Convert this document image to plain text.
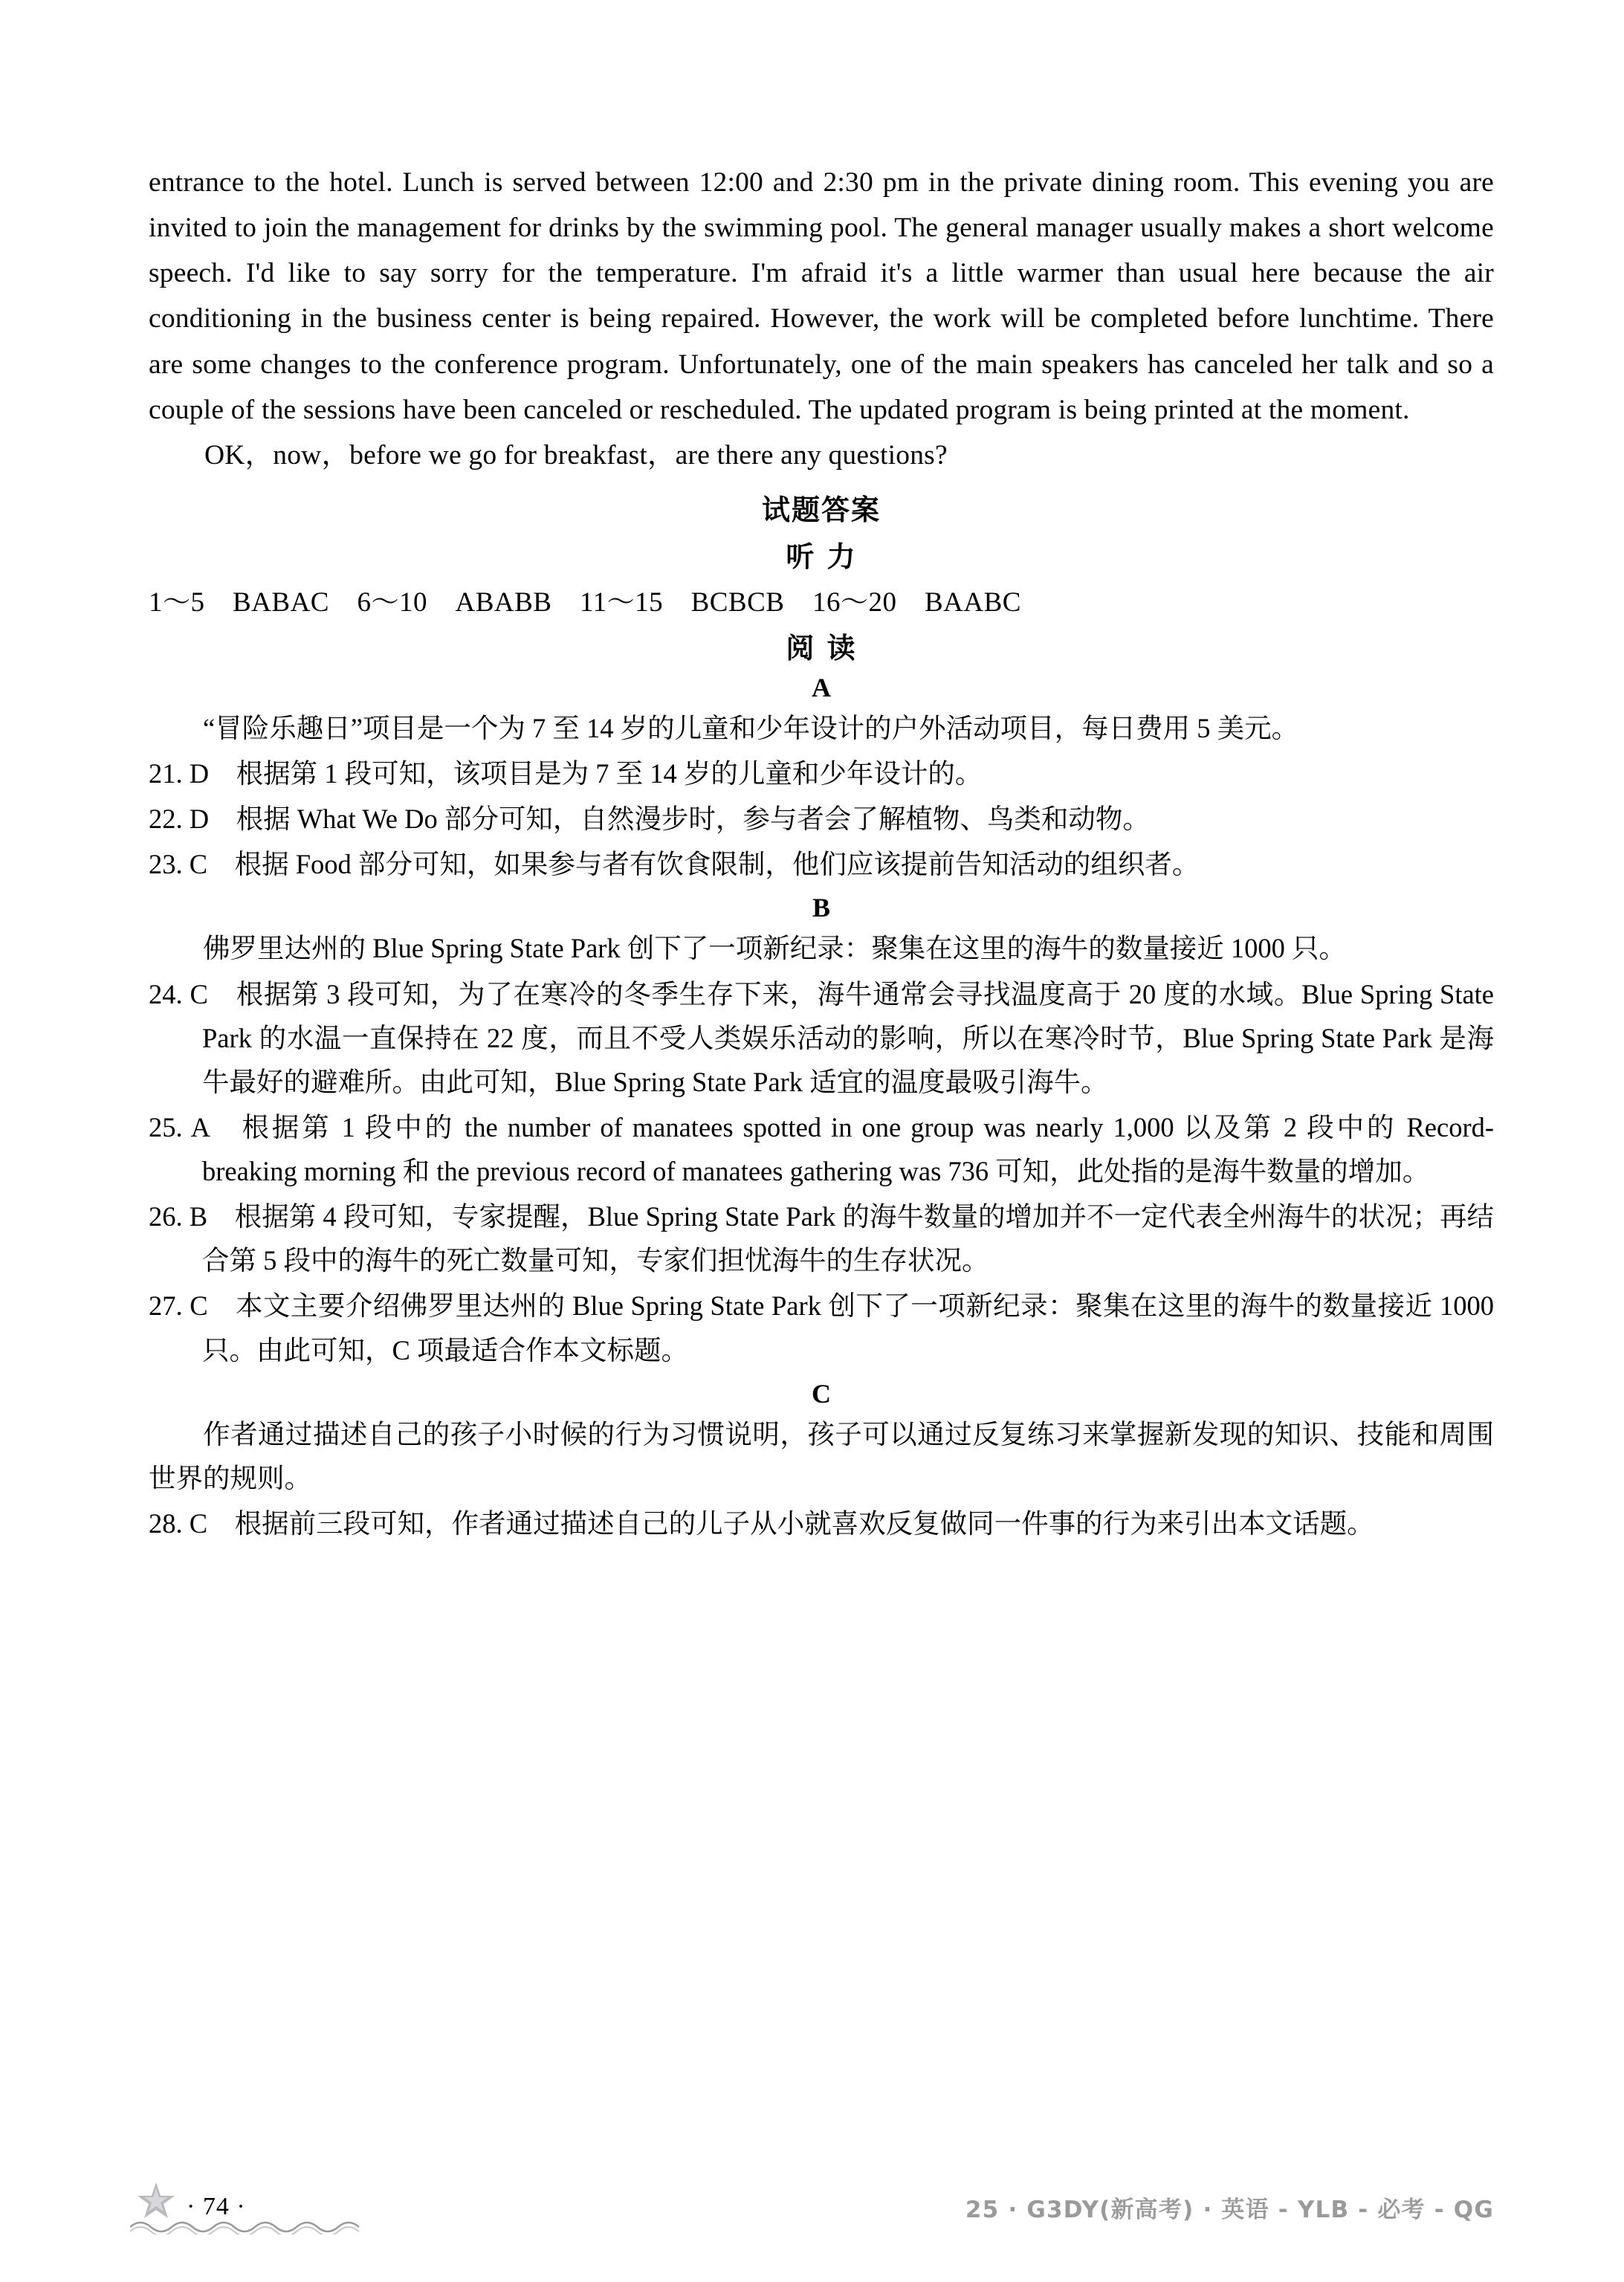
entrance to the hotel. Lunch is served between 12:00 and 2:30 pm in the private dining room. This evening you are invited to join the management for drinks by the swimming pool. The general manager usually makes a short welcome speech. I'd like to say sorry for the temperature. I'm afraid it's a little warmer than usual here because the air conditioning in the business center is being repaired. However, the work will be completed before lunchtime. There are some changes to the conference program. Unfortunately, one of the main speakers has canceled her talk and so a couple of the sessions have been canceled or rescheduled. The updated program is being printed at the moment.

OK，now，before we go for breakfast，are there any questions?

试题答案
听 力
1～5　BABAC　6～10　ABABB　11～15　BCBCB　16～20　BAABC
阅 读
A

“冒险乐趣日”项目是一个为 7 至 14 岁的儿童和少年设计的户外活动项目，每日费用 5 美元。

21. D　根据第 1 段可知，该项目是为 7 至 14 岁的儿童和少年设计的。

22. D　根据 What We Do 部分可知，自然漫步时，参与者会了解植物、鸟类和动物。

23. C　根据 Food 部分可知，如果参与者有饮食限制，他们应该提前告知活动的组织者。

B

佛罗里达州的 Blue Spring State Park 创下了一项新纪录：聚集在这里的海牛的数量接近 1000 只。

24. C　根据第 3 段可知，为了在寒冷的冬季生存下来，海牛通常会寻找温度高于 20 度的水域。Blue Spring State Park 的水温一直保持在 22 度，而且不受人类娱乐活动的影响，所以在寒冷时节，Blue Spring State Park 是海牛最好的避难所。由此可知，Blue Spring State Park 适宜的温度最吸引海牛。

25. A　根据第 1 段中的 the number of manatees spotted in one group was nearly 1,000 以及第 2 段中的 Record-breaking morning 和 the previous record of manatees gathering was 736 可知，此处指的是海牛数量的增加。

26. B　根据第 4 段可知，专家提醒，Blue Spring State Park 的海牛数量的增加并不一定代表全州海牛的状况；再结合第 5 段中的海牛的死亡数量可知，专家们担忧海牛的生存状况。

27. C　本文主要介绍佛罗里达州的 Blue Spring State Park 创下了一项新纪录：聚集在这里的海牛的数量接近 1000 只。由此可知，C 项最适合作本文标题。

C

作者通过描述自己的孩子小时候的行为习惯说明，孩子可以通过反复练习来掌握新发现的知识、技能和周围世界的规则。

28. C　根据前三段可知，作者通过描述自己的儿子从小就喜欢反复做同一件事的行为来引出本文话题。

· 74 ·	25 · G3DY(新高考) · 英语 - YLB - 必考 - QG
